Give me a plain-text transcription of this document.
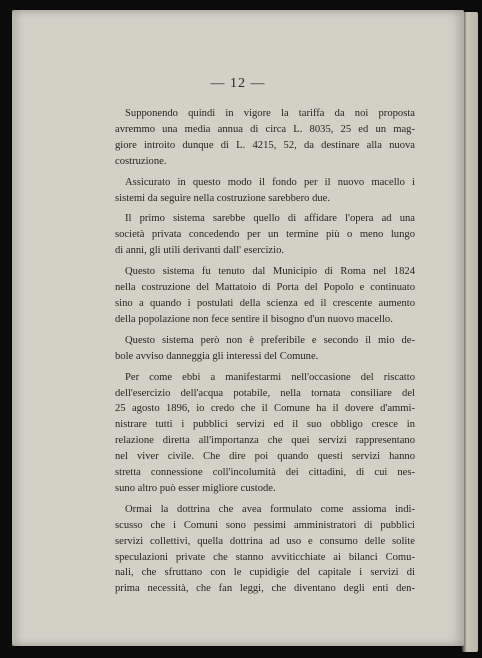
— 12 —

Supponendo quindi in vigore la tariffa da noi proposta
avremmo una media annua di circa L. 8035, 25 ed un mag-
giore introito dunque di L. 4215, 52, da destinare alla nuova
costruzione.

Assicurato in questo modo il fondo per il nuovo macello i
sistemi da seguire nella costruzione sarebbero due.

Il primo sistema sarebbe quello di affidare l'opera ad una
società privata concedendo per un termine più o meno lungo
di anni, gli utili derivanti dall' esercizio.

Questo sistema fu tenuto dal Municipio di Roma nel 1824
nella costruzione del Mattatoio di Porta del Popolo e continuato
sino a quando i postulati della scienza ed il crescente aumento
della popolazione non fece sentire il bisogno d'un nuovo macello.

Questo sistema però non è preferibile e secondo il mio de-
bole avviso danneggia gli interessi del Comune.

Per come ebbi a manifestarmi nell'occasione del riscatto
dell'esercizio dell'acqua potabile, nella tornata consiliare del
25 agosto 1896, io credo che il Comune ha il dovere d'ammi-
nistrare tutti i pubblici servizi ed il suo obbligo cresce in
relazione diretta all'importanza che quei servizi rappresentano
nel viver civile. Che dire poi quando questi servizi hanno
stretta connessione coll'incolumità dei cittadini, di cui nes-
suno altro può esser migliore custode.

Ormai la dottrina che avea formulato come assioma indi-
scusso che i Comuni sono pessimi amministratori di pubblici
servizi collettivi, quella dottrina ad uso e consumo delle solite
speculazioni private che stanno avviticchiate ai bilanci Comu-
nali, che sfruttano con le cupidigie del capitale i servizi di
prima necessità, che fan leggi, che diventano degli enti den-
